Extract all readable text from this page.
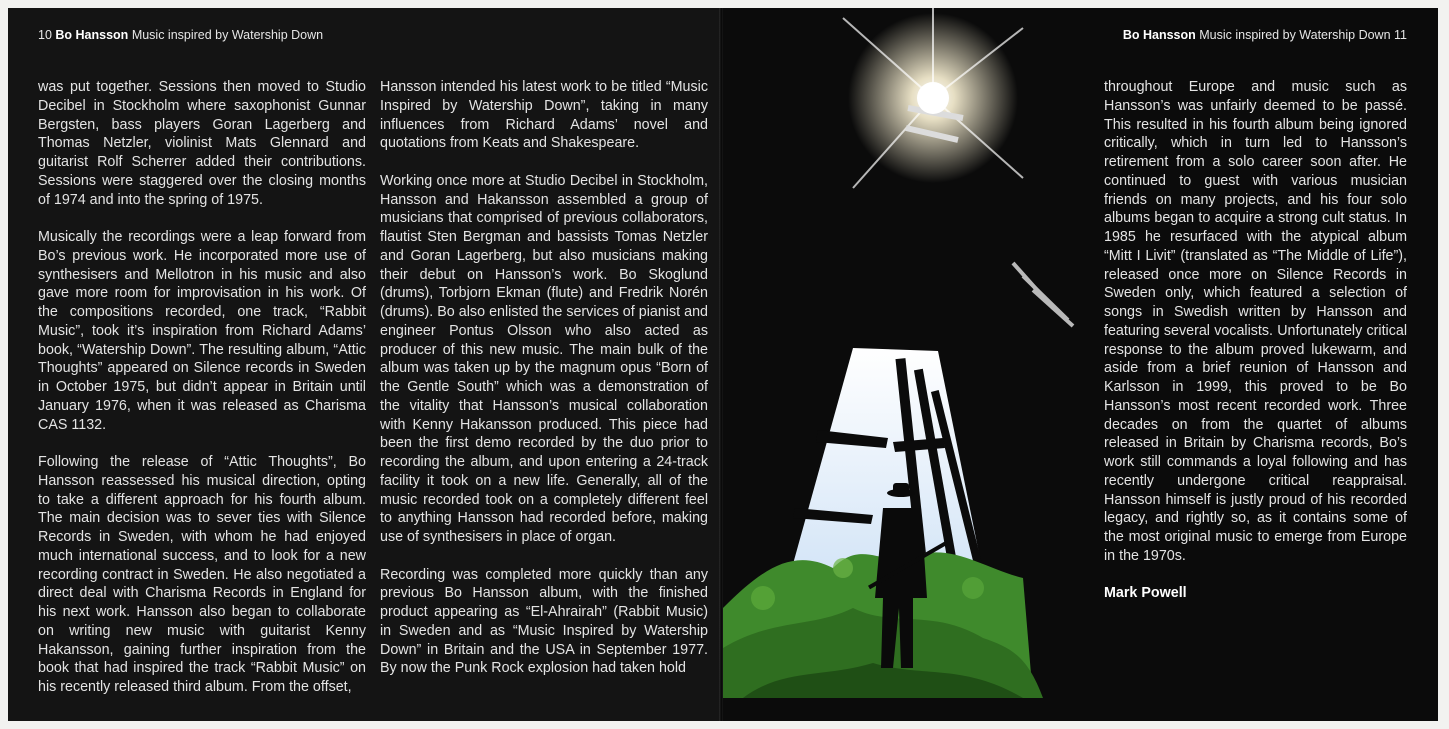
10 Bo Hansson Music inspired by Watership Down

was put together. Sessions then moved to Studio Decibel in Stockholm where saxophonist Gunnar Bergsten, bass players Goran Lagerberg and Thomas Netzler, violinist Mats Glennard and guitarist Rolf Scherrer added their contributions. Sessions were staggered over the closing months of 1974 and into the spring of 1975.

Musically the recordings were a leap forward from Bo’s previous work. He incorporated more use of synthesisers and Mellotron in his music and also gave more room for improvisation in his work. Of the compositions recorded, one track, “Rabbit Music”, took it’s inspiration from Richard Adams’ book, “Watership Down”. The resulting album, “Attic Thoughts” appeared on Silence records in Sweden in October 1975, but didn’t appear in Britain until January 1976, when it was released as Charisma CAS 1132.

Following the release of “Attic Thoughts”, Bo Hansson reassessed his musical direction, opting to take a different approach for his fourth album. The main decision was to sever ties with Silence Records in Sweden, with whom he had enjoyed much international success, and to look for a new recording contract in Sweden. He also negotiated a direct deal with Charisma Records in England for his next work. Hansson also began to collaborate on writing new music with guitarist Kenny Hakansson, gaining further inspiration from the book that had inspired the track “Rabbit Music” on his recently released third album. From the offset,

Hansson intended his latest work to be titled “Music Inspired by Watership Down”, taking in many influences from Richard Adams’ novel and quotations from Keats and Shakespeare.

Working once more at Studio Decibel in Stockholm, Hansson and Hakansson assembled a group of musicians that comprised of previous collaborators, flautist Sten Bergman and bassists Tomas Netzler and Goran Lagerberg, but also musicians making their debut on Hansson’s work. Bo Skoglund (drums), Torbjorn Ekman (flute) and Fredrik Norén (drums). Bo also enlisted the services of pianist and engineer Pontus Olsson who also acted as producer of this new music. The main bulk of the album was taken up by the magnum opus “Born of the Gentle South” which was a demonstration of the vitality that Hansson’s musical collaboration with Kenny Hakansson produced. This piece had been the first demo recorded by the duo prior to recording the album, and upon entering a 24-track facility it took on a new life. Generally, all of the music recorded took on a completely different feel to anything Hansson had recorded before, making use of synthesisers in place of organ.

Recording was completed more quickly than any previous Bo Hansson album, with the finished product appearing as “El-Ahrairah” (Rabbit Music) in Sweden and as “Music Inspired by Watership Down” in Britain and the USA in September 1977. By now the Punk Rock explosion had taken hold

Bo Hansson Music inspired by Watership Down 11

throughout Europe and music such as Hansson’s was unfairly deemed to be passé. This resulted in his fourth album being ignored critically, which in turn led to Hansson’s retirement from a solo career soon after. He continued to guest with various musician friends on many projects, and his four solo albums began to acquire a strong cult status. In 1985 he resurfaced with the atypical album “Mitt I Livit” (translated as “The Middle of Life”), released once more on Silence Records in Sweden only, which featured a selection of songs in Swedish written by Hansson and featuring several vocalists. Unfortunately critical response to the album proved lukewarm, and aside from a brief reunion of Hansson and Karlsson in 1999, this proved to be Bo Hansson’s most recent recorded work. Three decades on from the quartet of albums released in Britain by Charisma records, Bo’s work still commands a loyal following and has recently undergone critical reappraisal. Hansson himself is justly proud of his recorded legacy, and rightly so, as it contains some of the most original music to emerge from Europe in the 1970s.

Mark Powell
